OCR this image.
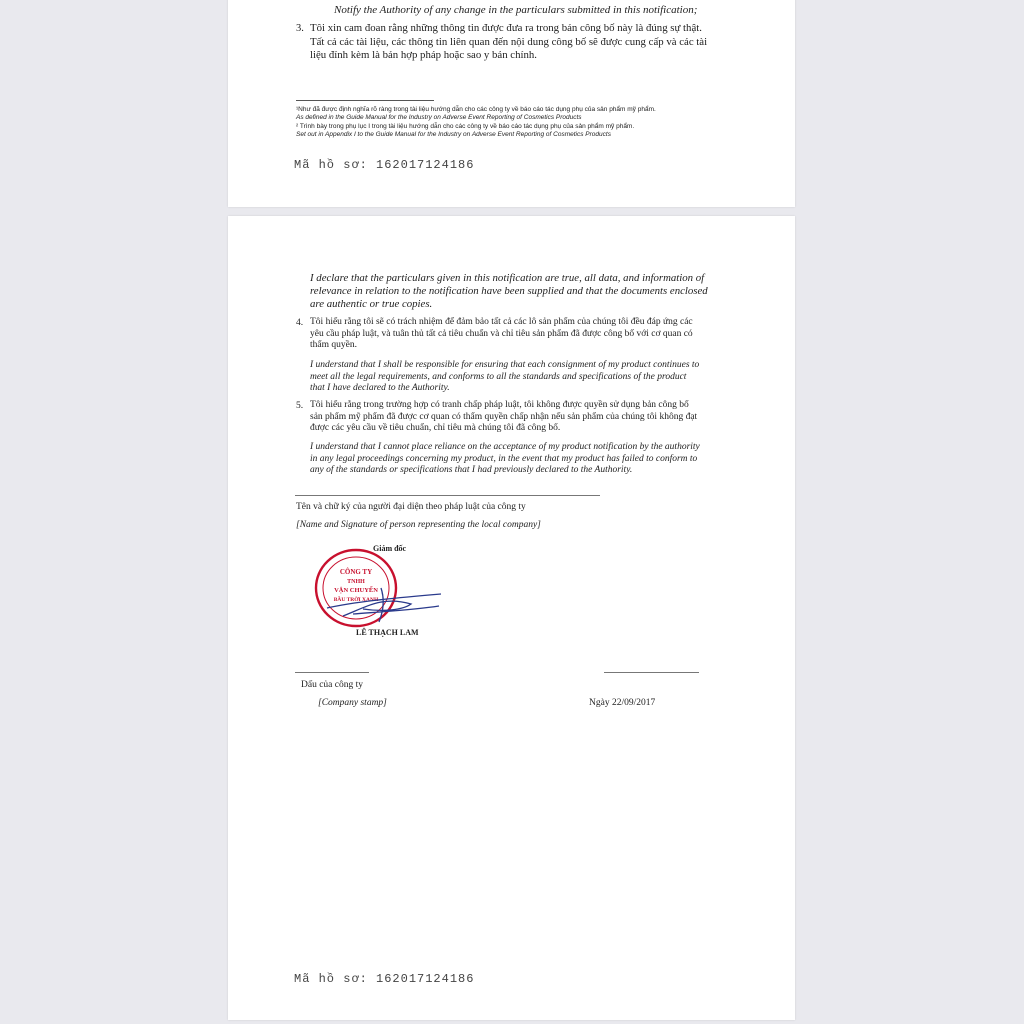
Notify the Authority of any change in the particulars submitted in this notification;

3. Tôi xin cam đoan rằng những thông tin được đưa ra trong bản công bố này là đúng sự thật.
Tất cả các tài liệu, các thông tin liên quan đến nội dung công bố sẽ được cung cấp và các tài
liệu đính kèm là bản hợp pháp hoặc sao y bản chính.

¹Như đã được định nghĩa rõ ràng trong tài liệu hướng dẫn cho các công ty về báo cáo tác dụng phụ của sản phẩm mỹ phẩm.
As defined in the Guide Manual for the Industry on Adverse Event Reporting of Cosmetics Products
² Trình bày trong phụ lục I trong tài liệu hướng dẫn cho các công ty về báo cáo tác dụng phụ của sản phẩm mỹ phẩm.
Set out in Appendix I to the Guide Manual for the Industry on Adverse Event Reporting of Cosmetics Products

Mã hồ sơ: 162017124186

I declare that the particulars given in this notification are true, all data, and information of
relevance in relation to the notification have been supplied and that the documents enclosed
are authentic or true copies.

4. Tôi hiểu rằng tôi sẽ có trách nhiệm để đảm bảo tất cả các lô sản phẩm của chúng tôi đều đáp ứng các
yêu cầu pháp luật, và tuân thủ tất cả tiêu chuẩn và chỉ tiêu sản phẩm đã được công bố với cơ quan có
thẩm quyền.

I understand that I shall be responsible for ensuring that each consignment of my product continues to
meet all the legal requirements, and conforms to all the standards and specifications of the product
that I have declared to the Authority.

5. Tôi hiểu rằng trong trường hợp có tranh chấp pháp luật, tôi không được quyền sử dụng bản công bố
sản phẩm mỹ phẩm đã được cơ quan có thẩm quyền chấp nhận nếu sản phẩm của chúng tôi không đạt
được các yêu cầu về tiêu chuẩn, chỉ tiêu mà chúng tôi đã công bố.

I understand that I cannot place reliance on the acceptance of my product notification by the authority
in any legal proceedings concerning my product, in the event that my product has failed to conform to
any of the standards or specifications that I had previously declared to the Authority.

Tên và chữ ký của người đại diện theo pháp luật của công ty
[Name and Signature of person representing the local company]
Giám đốc
CÔNG TY
TNHH
VẬN CHUYỂN
BẦU TRỜI XANH
LÊ THẠCH LAM
Dấu của công ty
[Company stamp]	Ngày 22/09/2017
Mã hồ sơ: 162017124186
